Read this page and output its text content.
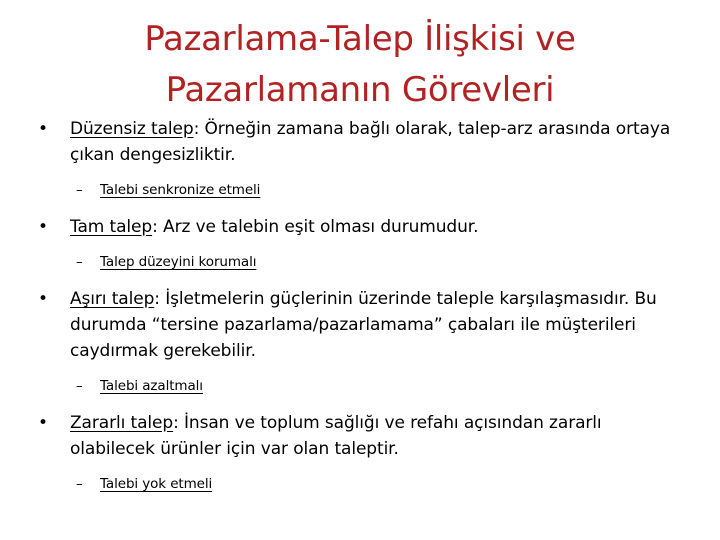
Pazarlama-Talep İlişkisi ve
Pazarlamanın Görevleri
•	Düzensiz talep: Örneğin zamana bağlı olarak, talep-arz arasında ortaya çıkan dengesizliktir.
– Talebi senkronize etmeli
•	Tam talep: Arz ve talebin eşit olması durumudur.
– Talep düzeyini korumalı
•	Aşırı talep: İşletmelerin güçlerinin üzerinde taleple karşılaşmasıdır. Bu durumda “tersine pazarlama/pazarlamama” çabaları ile müşterileri caydırmak gerekebilir.
– Talebi azaltmalı
•	Zararlı talep: İnsan ve toplum sağlığı ve refahı açısından zararlı olabilecek ürünler için var olan taleptir.
– Talebi yok etmeli
